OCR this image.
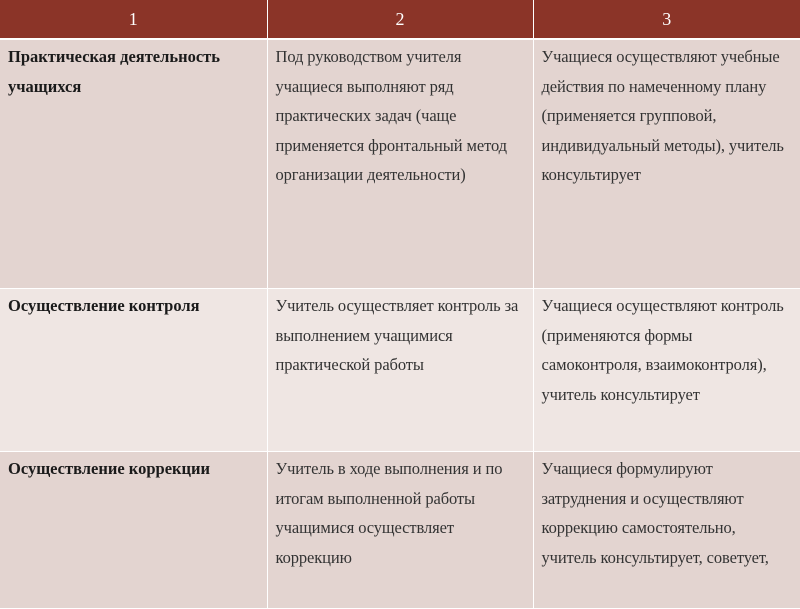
1	2	3
Практическая деятельность учащихся	Под руководством учителя учащиеся выполняют ряд практических задач (чаще применяется фронтальный метод организации деятельности)	Учащиеся осуществляют учебные действия по намеченному плану (применяется групповой, индивидуальный методы), учитель консультирует
Осуществление контроля	Учитель осуществляет контроль за выполнением учащимися практической работы	Учащиеся осуществляют контроль (применяются формы самоконтроля, взаимоконтроля), учитель консультирует
Осуществление коррекции	Учитель в ходе выполнения и по итогам выполненной работы учащимися осуществляет коррекцию	Учащиеся формулируют затруднения и осуществляют коррекцию самостоятельно, учитель консультирует, советует,
